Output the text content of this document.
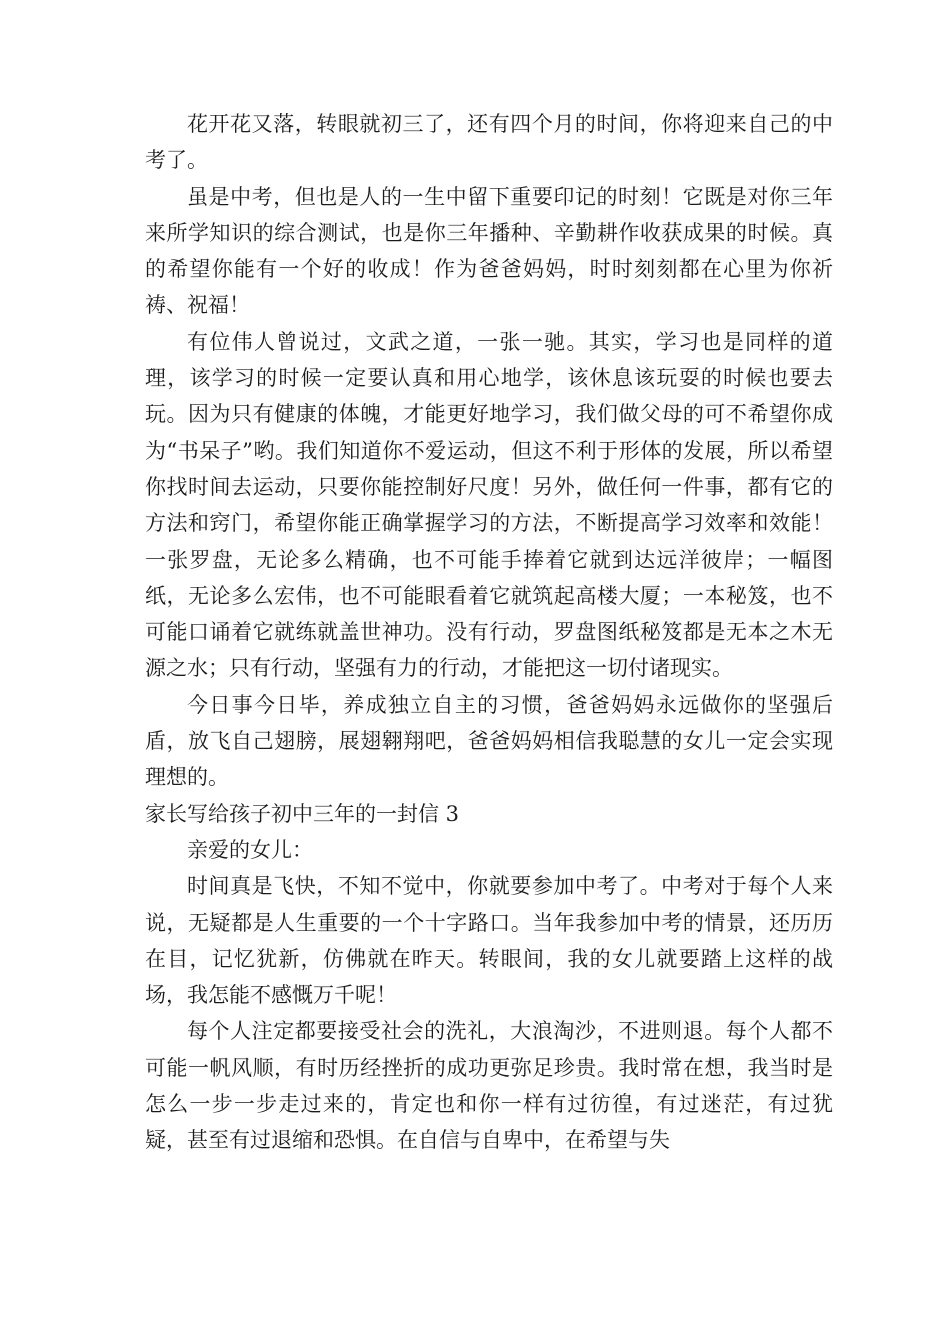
花开花又落，转眼就初三了，还有四个月的时间，你将迎来自己的中考了。

虽是中考，但也是人的一生中留下重要印记的时刻！它既是对你三年来所学知识的综合测试，也是你三年播种、辛勤耕作收获成果的时候。真的希望你能有一个好的收成！作为爸爸妈妈，时时刻刻都在心里为你祈祷、祝福！

有位伟人曾说过，文武之道，一张一驰。其实，学习也是同样的道理，该学习的时候一定要认真和用心地学，该休息该玩耍的时候也要去玩。因为只有健康的体魄，才能更好地学习，我们做父母的可不希望你成为“书呆子”哟。我们知道你不爱运动，但这不利于形体的发展，所以希望你找时间去运动，只要你能控制好尺度！另外，做任何一件事，都有它的方法和窍门，希望你能正确掌握学习的方法，不断提高学习效率和效能！一张罗盘，无论多么精确，也不可能手捧着它就到达远洋彼岸；一幅图纸，无论多么宏伟，也不可能眼看着它就筑起高楼大厦；一本秘笈，也不可能口诵着它就练就盖世神功。没有行动，罗盘图纸秘笈都是无本之木无源之水；只有行动，坚强有力的行动，才能把这一切付诸现实。

今日事今日毕，养成独立自主的习惯，爸爸妈妈永远做你的坚强后盾，放飞自己翅膀，展翅翱翔吧，爸爸妈妈相信我聪慧的女儿一定会实现理想的。

家长写给孩子初中三年的一封信 3

亲爱的女儿：

时间真是飞快，不知不觉中，你就要参加中考了。中考对于每个人来说，无疑都是人生重要的一个十字路口。当年我参加中考的情景，还历历在目，记忆犹新，仿佛就在昨天。转眼间，我的女儿就要踏上这样的战场，我怎能不感慨万千呢！

每个人注定都要接受社会的洗礼，大浪淘沙，不进则退。每个人都不可能一帆风顺，有时历经挫折的成功更弥足珍贵。我时常在想，我当时是怎么一步一步走过来的，肯定也和你一样有过彷徨，有过迷茫，有过犹疑，甚至有过退缩和恐惧。在自信与自卑中，在希望与失
